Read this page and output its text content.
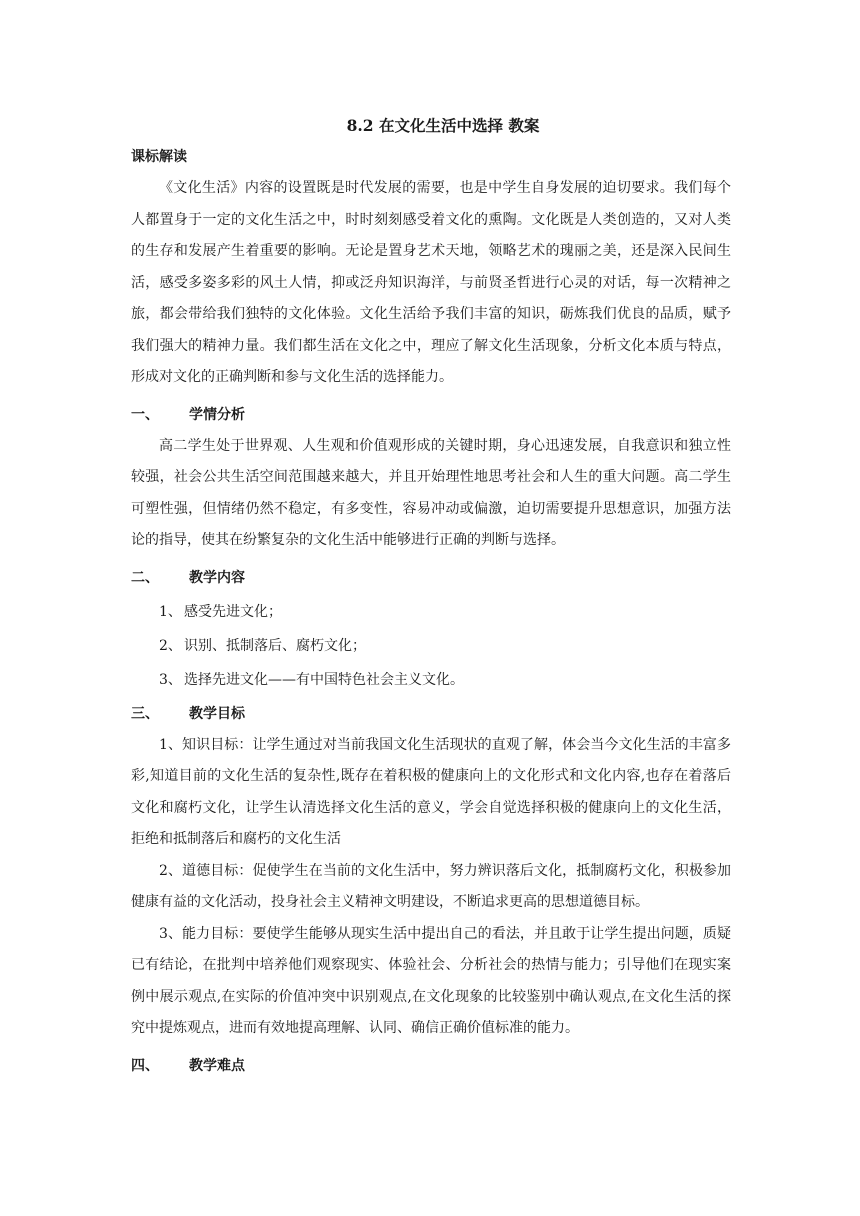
8.2 在文化生活中选择 教案
课标解读

《文化生活》内容的设置既是时代发展的需要，也是中学生自身发展的迫切要求。我们每个人都置身于一定的文化生活之中，时时刻刻感受着文化的熏陶。文化既是人类创造的，又对人类的生存和发展产生着重要的影响。无论是置身艺术天地，领略艺术的瑰丽之美，还是深入民间生活，感受多姿多彩的风土人情，抑或泛舟知识海洋，与前贤圣哲进行心灵的对话，每一次精神之旅，都会带给我们独特的文化体验。文化生活给予我们丰富的知识，砺炼我们优良的品质，赋予我们强大的精神力量。我们都生活在文化之中，理应了解文化生活现象，分析文化本质与特点，形成对文化的正确判断和参与文化生活的选择能力。

一、 学情分析

高二学生处于世界观、人生观和价值观形成的关键时期，身心迅速发展，自我意识和独立性较强，社会公共生活空间范围越来越大，并且开始理性地思考社会和人生的重大问题。高二学生可塑性强，但情绪仍然不稳定，有多变性，容易冲动或偏激，迫切需要提升思想意识，加强方法论的指导，使其在纷繁复杂的文化生活中能够进行正确的判断与选择。

二、 教学内容

1、 感受先进文化；

2、 识别、抵制落后、腐朽文化；

3、 选择先进文化——有中国特色社会主义文化。

三、 教学目标

1、知识目标：让学生通过对当前我国文化生活现状的直观了解，体会当今文化生活的丰富多彩,知道目前的文化生活的复杂性,既存在着积极的健康向上的文化形式和文化内容,也存在着落后文化和腐朽文化，让学生认清选择文化生活的意义，学会自觉选择积极的健康向上的文化生活，拒绝和抵制落后和腐朽的文化生活

2、道德目标：促使学生在当前的文化生活中，努力辨识落后文化，抵制腐朽文化，积极参加健康有益的文化活动，投身社会主义精神文明建设，不断追求更高的思想道德目标。

3、能力目标：要使学生能够从现实生活中提出自己的看法，并且敢于让学生提出问题，质疑已有结论，在批判中培养他们观察现实、体验社会、分析社会的热情与能力；引导他们在现实案例中展示观点,在实际的价值冲突中识别观点,在文化现象的比较鉴别中确认观点,在文化生活的探究中提炼观点，进而有效地提高理解、认同、确信正确价值标准的能力。

四、 教学难点
